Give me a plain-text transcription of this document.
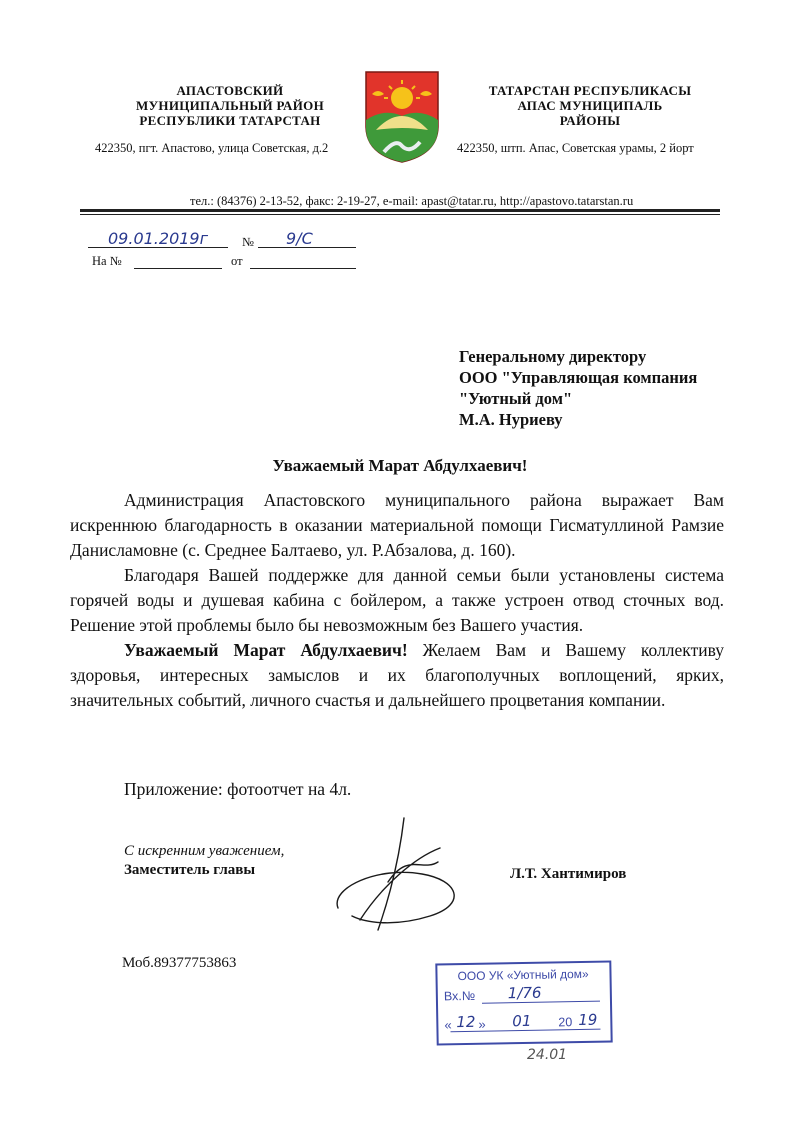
АПАСТОВСКИЙ
МУНИЦИПАЛЬНЫЙ РАЙОН
РЕСПУБЛИКИ ТАТАРСТАН
422350, пгт. Апастово, улица Советская, д.2
ТАТАРСТАН РЕСПУБЛИКАСЫ
АПАС МУНИЦИПАЛЬ
РАЙОНЫ
422350, штп. Апас, Советская урамы, 2 йорт
тел.: (84376) 2-13-52, факс: 2-19-27, e-mail: apast@tatar.ru, http://apastovo.tatarstan.ru
09.01.2019г	№ 9/С
На №	от
Генеральному директору
ООО "Управляющая компания
"Уютный дом"
М.А. Нуриеву
Уважаемый Марат Абдулхаевич!

Администрация Апастовского муниципального района выражает Вам искреннюю благодарность в оказании материальной помощи Гисматуллиной Рамзие Данисламовне (с. Среднее Балтаево, ул. Р.Абзалова, д. 160).

Благодаря Вашей поддержке для данной семьи были установлены система горячей воды и душевая кабина с бойлером, а также устроен отвод сточных вод. Решение этой проблемы было бы невозможным без Вашего участия.

Уважаемый Марат Абдулхаевич! Желаем Вам и Вашему коллективу здоровья, интересных замыслов и их благополучных воплощений, ярких, значительных событий, личного счастья и дальнейшего процветания компании.

Приложение: фотоотчет на 4л.
С искренним уважением,
Заместитель главы	Л.Т. Хантимиров
Моб.89377753863
ООО УК «Уютный дом»
Вх.№ 1/76
« 12 » 01 20 19
24.01
